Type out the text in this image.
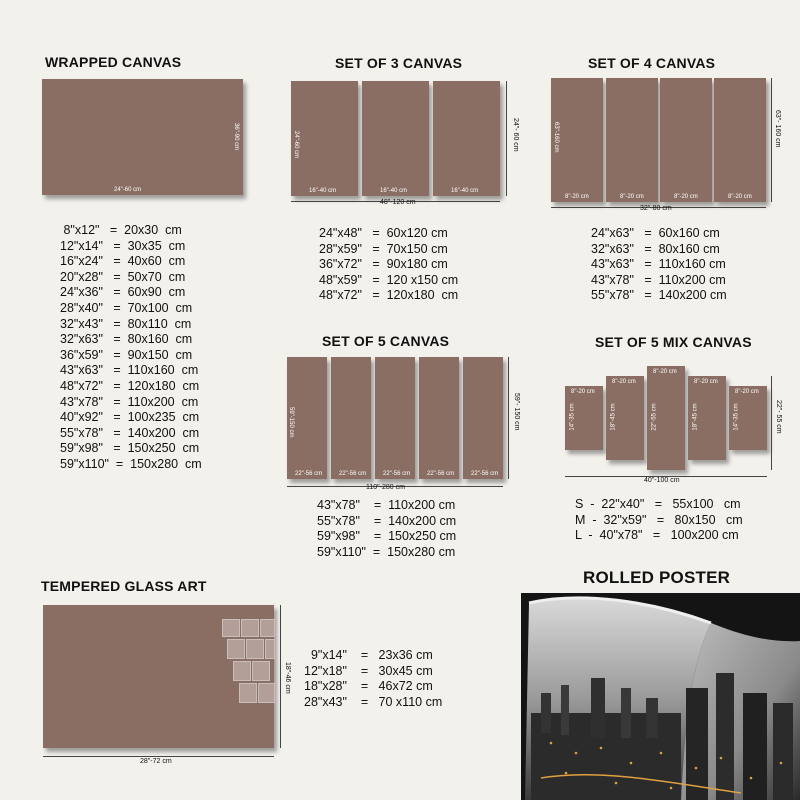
WRAPPED CANVAS
24"-60 cm
36"-90 cm
8"x12"   =  20x30  cm
12"x14"   =  30x35  cm
16"x24"   =  40x60  cm
20"x28"   =  50x70  cm
24"x36"   =  60x90  cm
28"x40"   =  70x100  cm
32"x43"   =  80x110  cm
32"x63"   =  80x160  cm
36"x59"   =  90x150  cm
43"x63"   =  110x160  cm
48"x72"   =  120x180  cm
43"x78"   =  110x200  cm
40"x92"   =  100x235  cm
55"x78"   =  140x200  cm
59"x98"   =  150x250  cm
59"x110"  =  150x280  cm
SET OF 3 CANVAS
24"-60 cm
16"-40 cm	16"-40 cm	16"-40 cm
48"-120 cm
24"- 60 cm
24"x48"   =  60x120 cm
28"x59"   =  70x150 cm
36"x72"   =  90x180 cm
48"x59"   =  120 x150 cm
48"x72"   =  120x180  cm
SET OF 4 CANVAS
63"-160 cm
8"-20 cm	8"-20 cm	8"-20 cm	8"-20 cm
32"-80 cm
63"- 160 cm
24"x63"   =  60x160 cm
32"x63"   =  80x160 cm
43"x63"   =  110x160 cm
43"x78"   =  110x200 cm
55"x78"   =  140x200 cm
SET OF 5 CANVAS
59"-150 cm
22"-56 cm	22"-56 cm	22"-56 cm	22"-56 cm	22"-56 cm
110"-280 cm
59"- 150 cm
43"x78"    =  110x200 cm
55"x78"    =  140x200 cm
59"x98"    =  150x250 cm
59"x110"  =  150x280 cm
SET OF 5 MIX CANVAS
8"-20 cm
14"-35 cm
8"-20 cm
18"-45 cm
8"-20 cm
22"-55 cm
8"-20 cm
18"-45 cm
8"-20 cm
14"-35 cm
40"-100 cm
22"- 55 cm
S  -  22"x40"   =   55x100   cm
M  -  32"x59"   =   80x150   cm
L  -  40"x78"   =   100x200 cm
TEMPERED GLASS ART
28"-72 cm
18"-46 cm
9"x14"    =   23x36 cm
12"x18"    =   30x45 cm
18"x28"    =   46x72 cm
28"x43"    =   70 x110 cm
ROLLED POSTER
